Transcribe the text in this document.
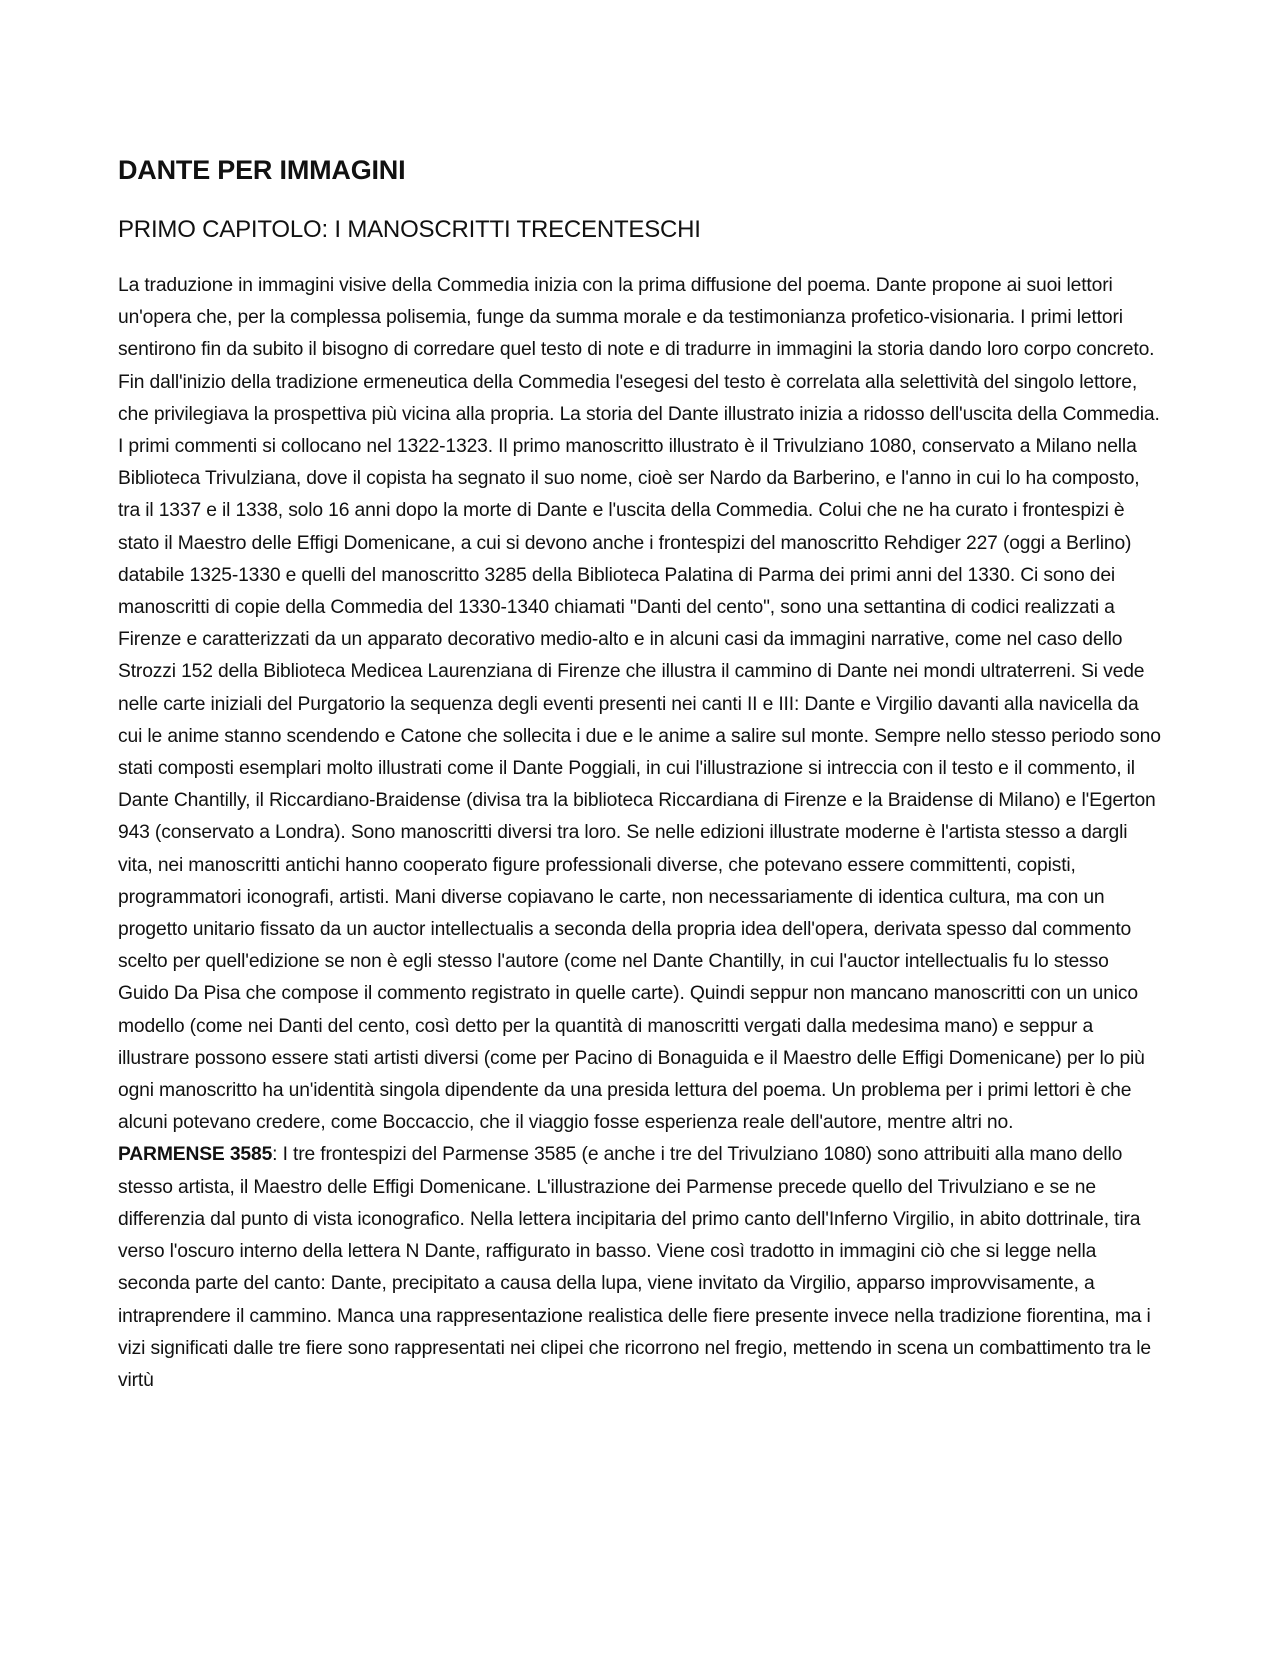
DANTE PER IMMAGINI
PRIMO CAPITOLO: I MANOSCRITTI TRECENTESCHI

La traduzione in immagini visive della Commedia inizia con la prima diffusione del poema. Dante propone ai suoi lettori un'opera che, per la complessa polisemia, funge da summa morale e da testimonianza profetico-visionaria. I primi lettori sentirono fin da subito il bisogno di corredare quel testo di note e di tradurre in immagini la storia dando loro corpo concreto. Fin dall'inizio della tradizione ermeneutica della Commedia l'esegesi del testo è correlata alla selettività del singolo lettore, che privilegiava la prospettiva più vicina alla propria. La storia del Dante illustrato inizia a ridosso dell'uscita della Commedia. I primi commenti si collocano nel 1322-1323. Il primo manoscritto illustrato è il Trivulziano 1080, conservato a Milano nella Biblioteca Trivulziana, dove il copista ha segnato il suo nome, cioè ser Nardo da Barberino, e l'anno in cui lo ha composto, tra il 1337 e il 1338, solo 16 anni dopo la morte di Dante e l'uscita della Commedia. Colui che ne ha curato i frontespizi è stato il Maestro delle Effigi Domenicane, a cui si devono anche i frontespizi del manoscritto Rehdiger 227 (oggi a Berlino) databile 1325-1330 e quelli del manoscritto 3285 della Biblioteca Palatina di Parma dei primi anni del 1330. Ci sono dei manoscritti di copie della Commedia del 1330-1340 chiamati "Danti del cento", sono una settantina di codici realizzati a Firenze e caratterizzati da un apparato decorativo medio-alto e in alcuni casi da immagini narrative, come nel caso dello Strozzi 152 della Biblioteca Medicea Laurenziana di Firenze che illustra il cammino di Dante nei mondi ultraterreni. Si vede nelle carte iniziali del Purgatorio la sequenza degli eventi presenti nei canti II e III: Dante e Virgilio davanti alla navicella da cui le anime stanno scendendo e Catone che sollecita i due e le anime a salire sul monte. Sempre nello stesso periodo sono stati composti esemplari molto illustrati come il Dante Poggiali, in cui l'illustrazione si intreccia con il testo e il commento, il Dante Chantilly, il Riccardiano-Braidense (divisa tra la biblioteca Riccardiana di Firenze e la Braidense di Milano) e l'Egerton 943 (conservato a Londra). Sono manoscritti diversi tra loro. Se nelle edizioni illustrate moderne è l'artista stesso a dargli vita, nei manoscritti antichi hanno cooperato figure professionali diverse, che potevano essere committenti, copisti, programmatori iconografi, artisti. Mani diverse copiavano le carte, non necessariamente di identica cultura, ma con un progetto unitario fissato da un auctor intellectualis a seconda della propria idea dell'opera, derivata spesso dal commento scelto per quell'edizione se non è egli stesso l'autore (come nel Dante Chantilly, in cui l'auctor intellectualis fu lo stesso Guido Da Pisa che compose il commento registrato in quelle carte). Quindi seppur non mancano manoscritti con un unico modello (come nei Danti del cento, così detto per la quantità di manoscritti vergati dalla medesima mano) e seppur a illustrare possono essere stati artisti diversi (come per Pacino di Bonaguida e il Maestro delle Effigi Domenicane) per lo più ogni manoscritto ha un'identità singola dipendente da una presida lettura del poema. Un problema per i primi lettori è che alcuni potevano credere, come Boccaccio, che il viaggio fosse esperienza reale dell'autore, mentre altri no.

PARMENSE 3585: I tre frontespizi del Parmense 3585 (e anche i tre del Trivulziano 1080) sono attribuiti alla mano dello stesso artista, il Maestro delle Effigi Domenicane. L'illustrazione dei Parmense precede quello del Trivulziano e se ne differenzia dal punto di vista iconografico. Nella lettera incipitaria del primo canto dell'Inferno Virgilio, in abito dottrinale, tira verso l'oscuro interno della lettera N Dante, raffigurato in basso. Viene così tradotto in immagini ciò che si legge nella seconda parte del canto: Dante, precipitato a causa della lupa, viene invitato da Virgilio, apparso improvvisamente, a intraprendere il cammino. Manca una rappresentazione realistica delle fiere presente invece nella tradizione fiorentina, ma i vizi significati dalle tre fiere sono rappresentati nei clipei che ricorrono nel fregio, mettendo in scena un combattimento tra le virtù
